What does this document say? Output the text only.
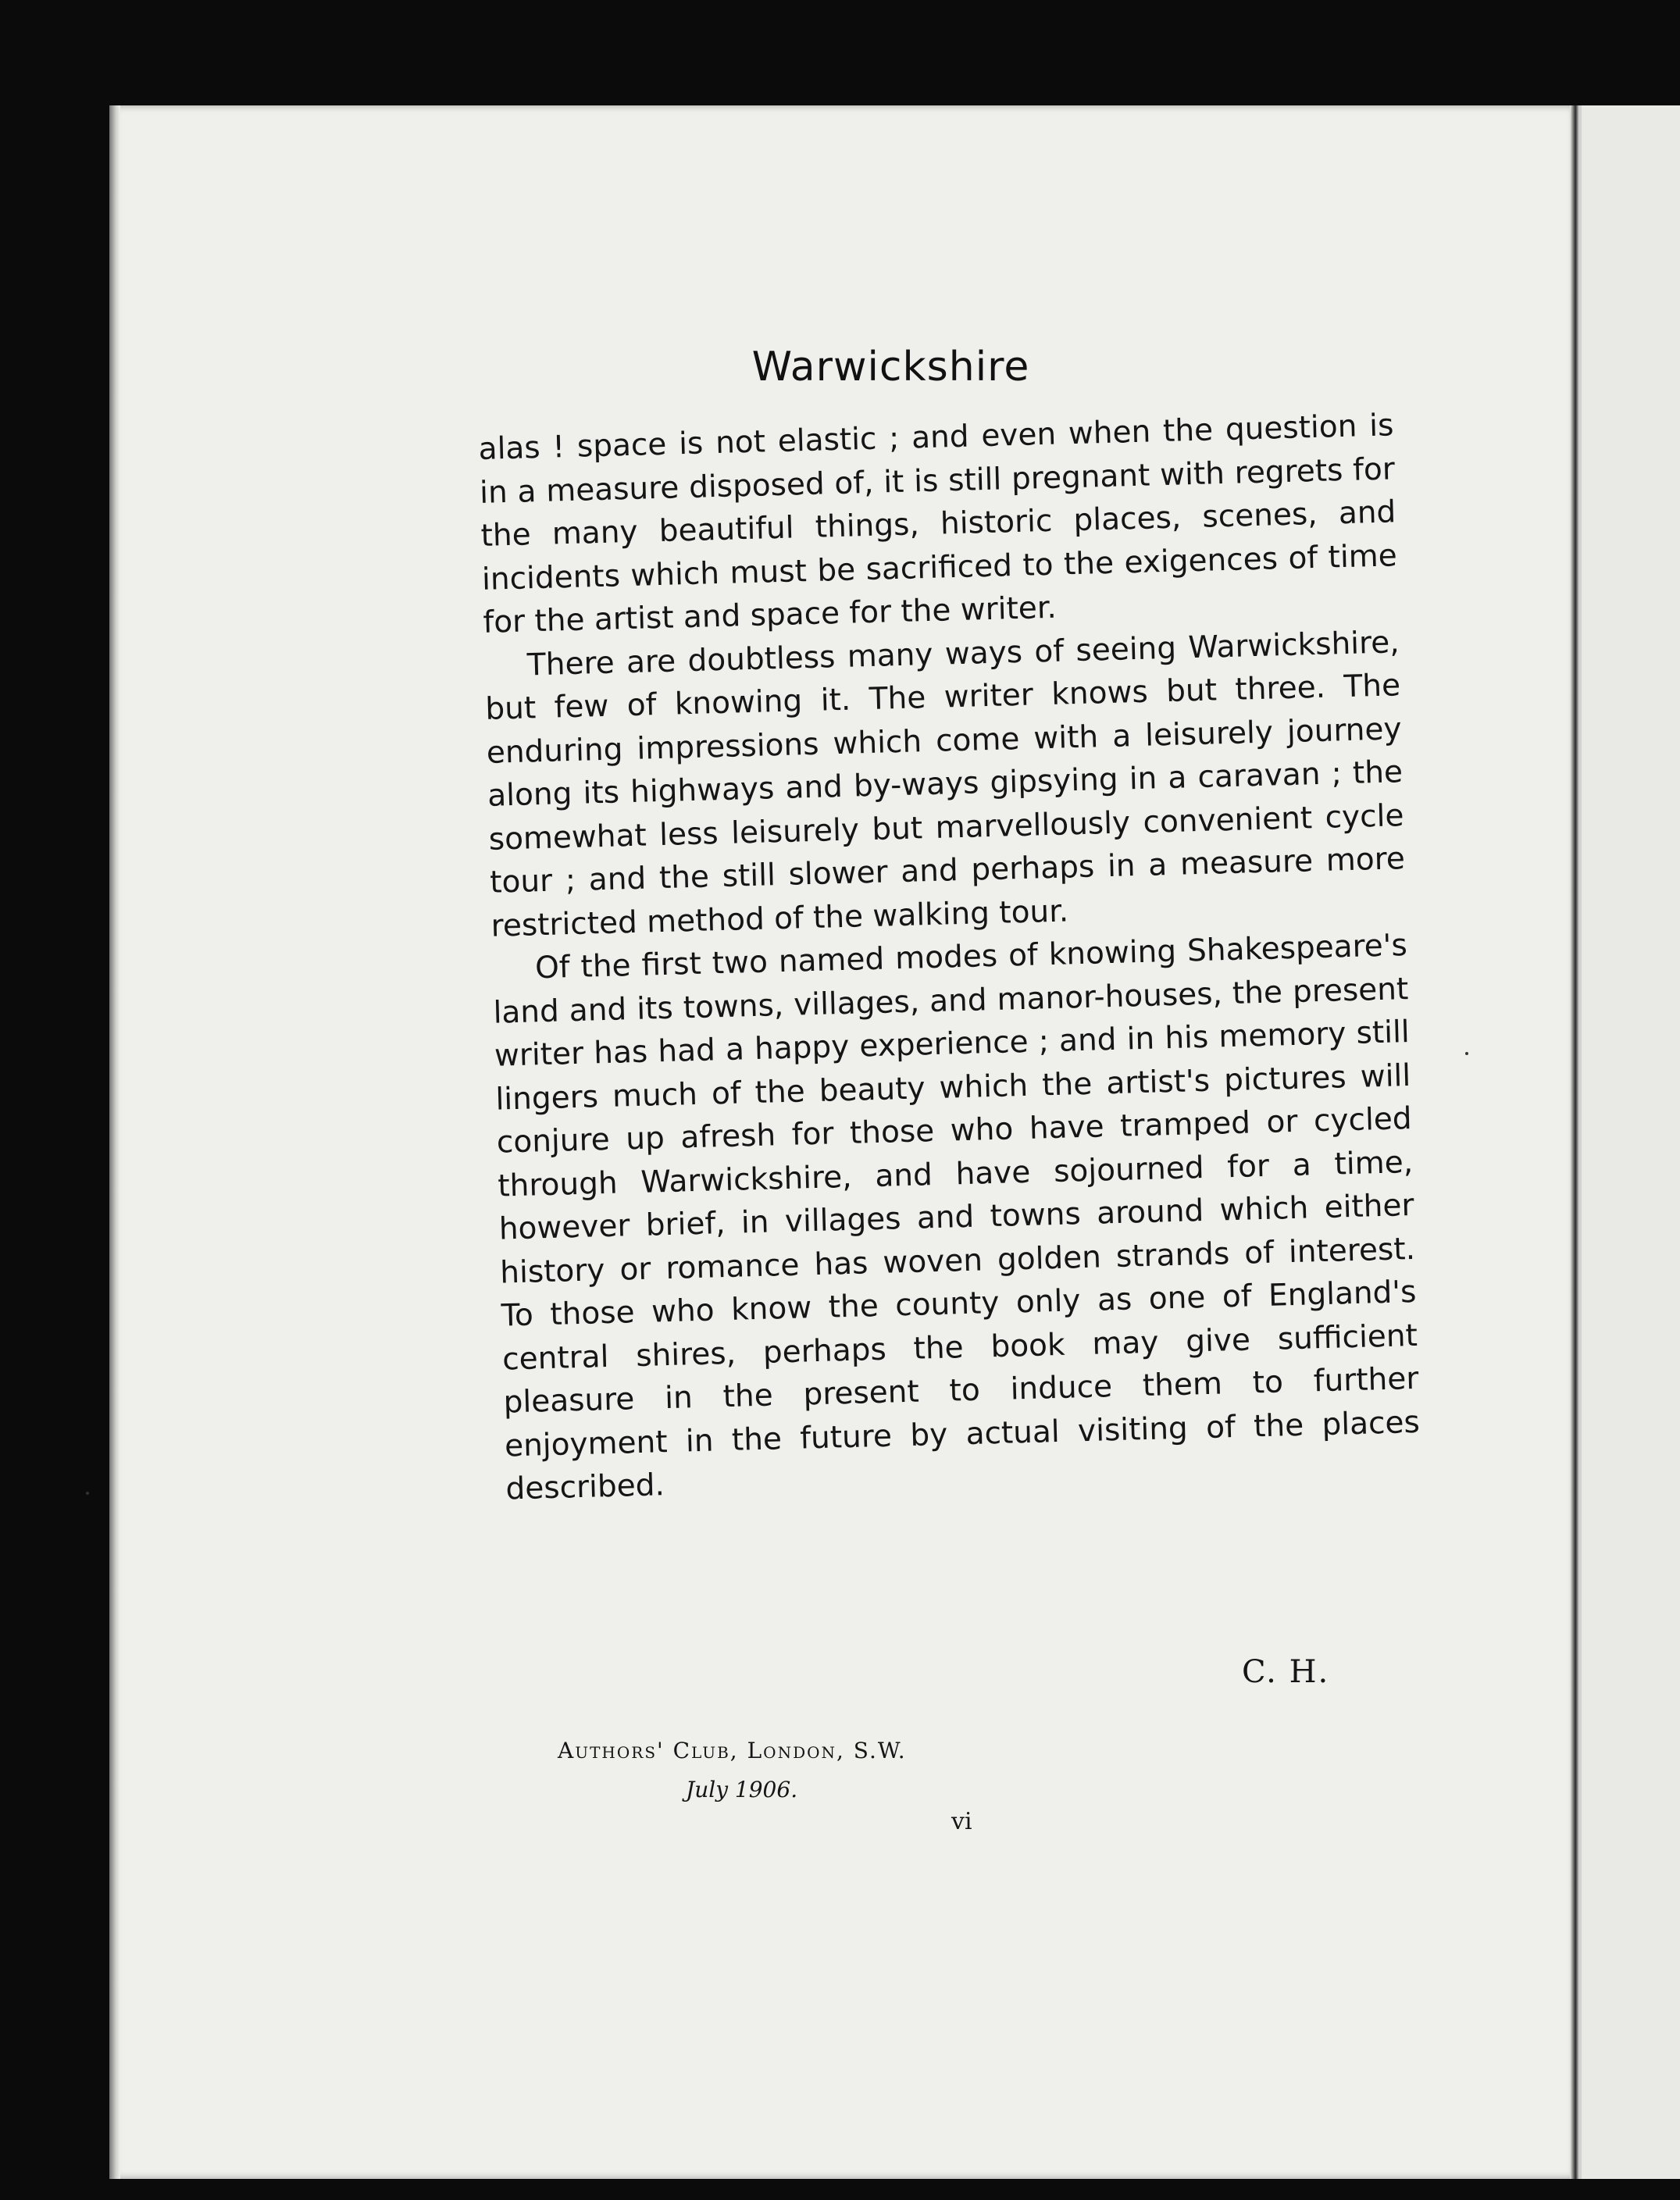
Warwickshire

alas ! space is not elastic ; and even when the question is in a measure disposed of, it is still pregnant with regrets for the many beautiful things, historic places, scenes, and incidents which must be sacrificed to the exigences of time for the artist and space for the writer.

There are doubtless many ways of seeing Warwickshire, but few of knowing it. The writer knows but three. The enduring impressions which come with a leisurely journey along its highways and by-ways gipsying in a caravan ; the somewhat less leisurely but marvellously convenient cycle tour ; and the still slower and perhaps in a measure more restricted method of the walking tour.

Of the first two named modes of knowing Shakespeare's land and its towns, villages, and manor-houses, the present writer has had a happy experience ; and in his memory still lingers much of the beauty which the artist's pictures will conjure up afresh for those who have tramped or cycled through Warwickshire, and have sojourned for a time, however brief, in villages and towns around which either history or romance has woven golden strands of interest. To those who know the county only as one of England's central shires, perhaps the book may give sufficient pleasure in the present to induce them to further enjoyment in the future by actual visiting of the places described.

C. H.
Authors' Club, London, S.W.
July 1906.
vi
